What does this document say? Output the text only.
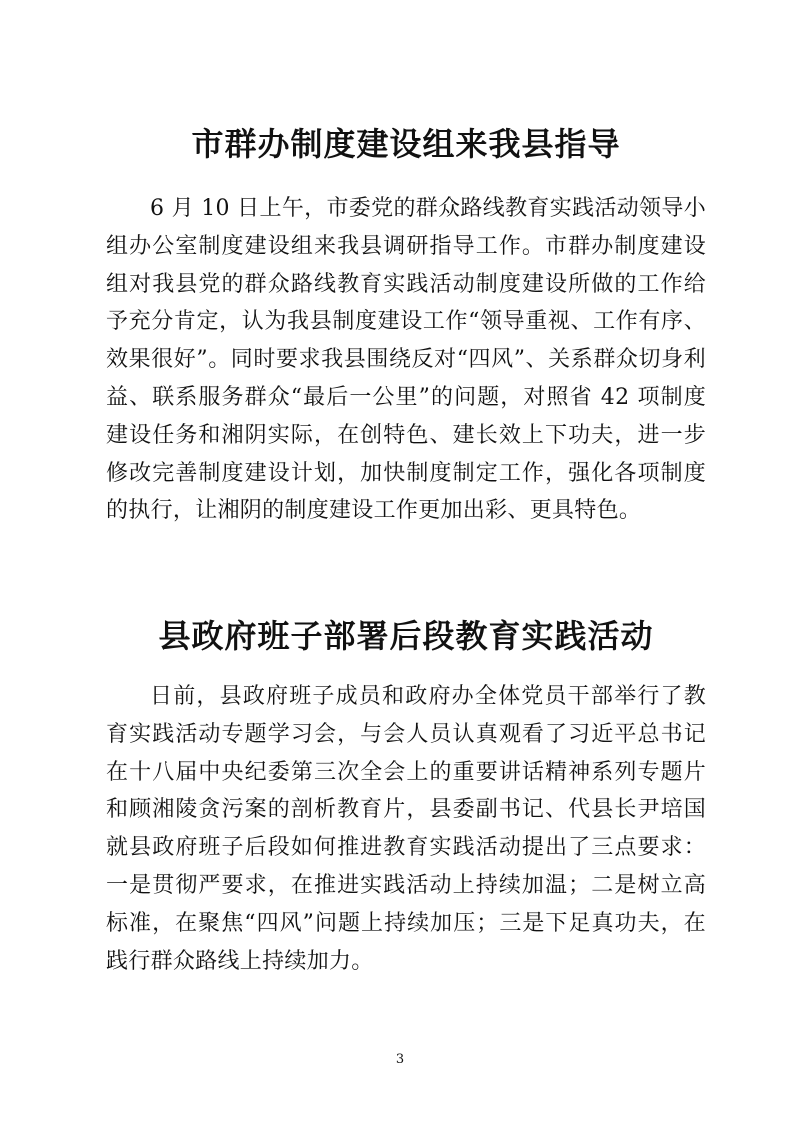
市群办制度建设组来我县指导

6 月 10 日上午，市委党的群众路线教育实践活动领导小组办公室制度建设组来我县调研指导工作。市群办制度建设组对我县党的群众路线教育实践活动制度建设所做的工作给予充分肯定，认为我县制度建设工作“领导重视、工作有序、效果很好”。同时要求我县围绕反对“四风”、关系群众切身利益、联系服务群众“最后一公里”的问题，对照省 42 项制度建设任务和湘阴实际，在创特色、建长效上下功夫，进一步修改完善制度建设计划，加快制度制定工作，强化各项制度的执行，让湘阴的制度建设工作更加出彩、更具特色。

县政府班子部署后段教育实践活动

日前，县政府班子成员和政府办全体党员干部举行了教育实践活动专题学习会，与会人员认真观看了习近平总书记在十八届中央纪委第三次全会上的重要讲话精神系列专题片和顾湘陵贪污案的剖析教育片，县委副书记、代县长尹培国就县政府班子后段如何推进教育实践活动提出了三点要求：一是贯彻严要求，在推进实践活动上持续加温；二是树立高标准，在聚焦“四风”问题上持续加压；三是下足真功夫，在践行群众路线上持续加力。

3
